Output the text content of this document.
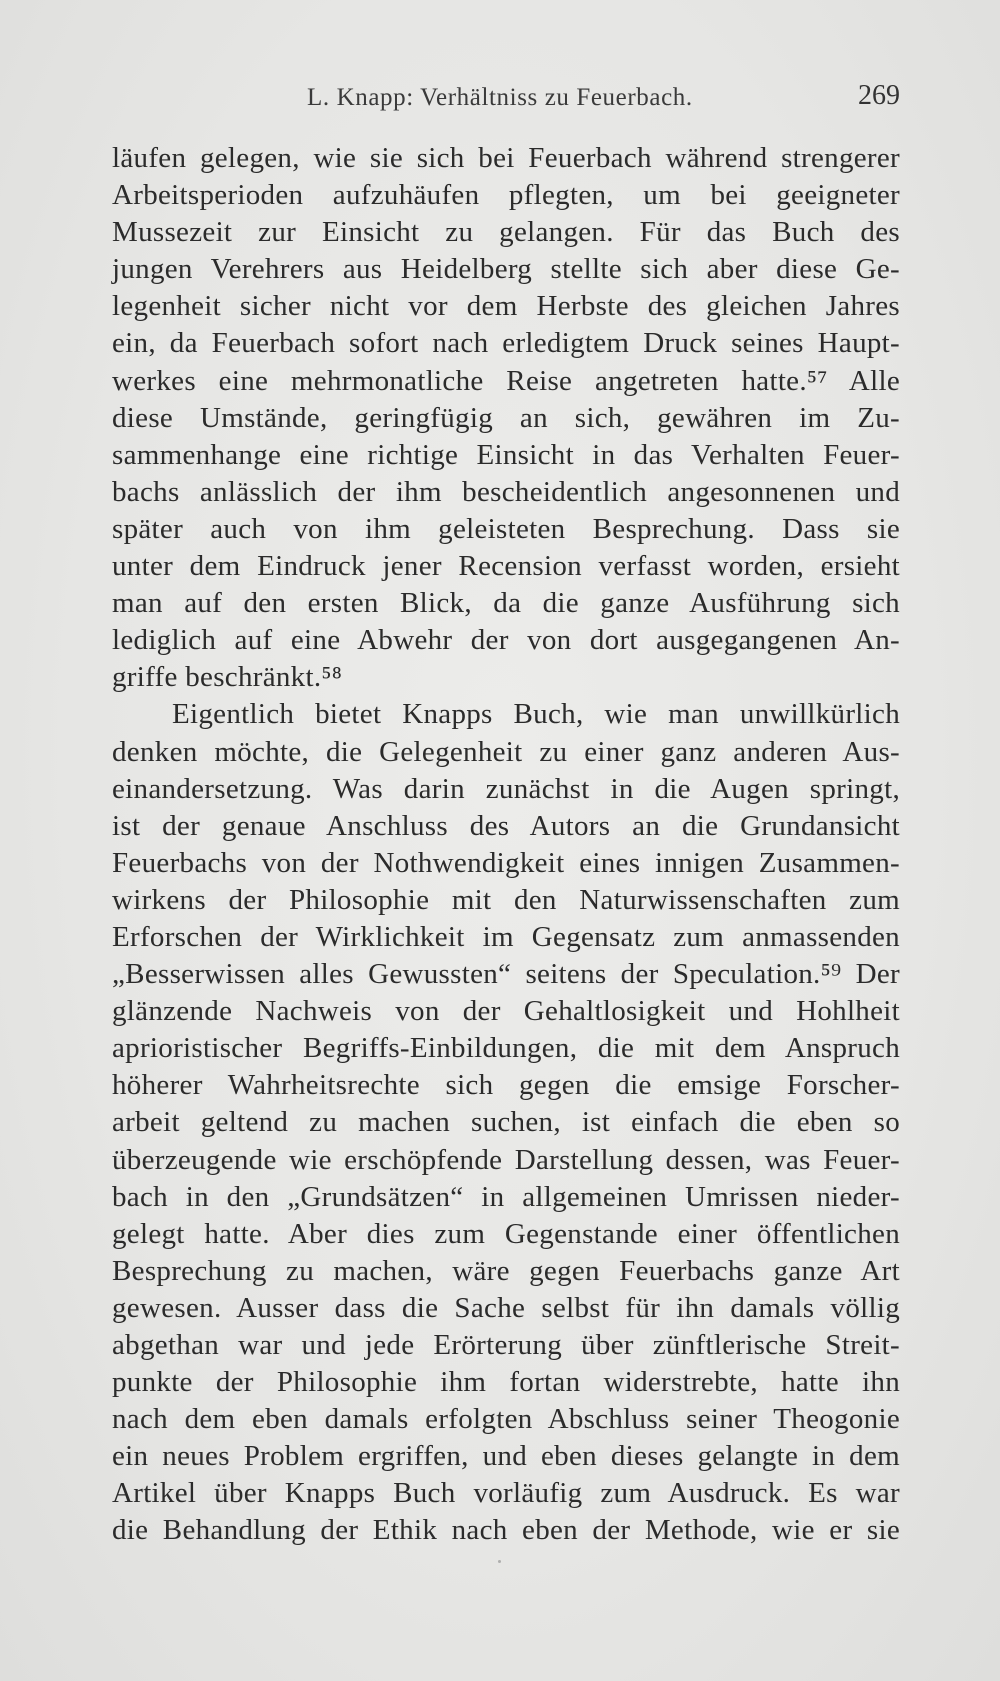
L. Knapp: Verhältniss zu Feuerbach.	269
läufen gelegen, wie sie sich bei Feuerbach während strengerer
Arbeitsperioden aufzuhäufen pflegten, um bei geeigneter
Mussezeit zur Einsicht zu gelangen. Für das Buch des
jungen Verehrers aus Heidelberg stellte sich aber diese Ge-
legenheit sicher nicht vor dem Herbste des gleichen Jahres
ein, da Feuerbach sofort nach erledigtem Druck seines Haupt-
werkes eine mehrmonatliche Reise angetreten hatte.⁵⁷ Alle
diese Umstände, geringfügig an sich, gewähren im Zu-
sammenhange eine richtige Einsicht in das Verhalten Feuer-
bachs anlässlich der ihm bescheidentlich angesonnenen und
später auch von ihm geleisteten Besprechung. Dass sie
unter dem Eindruck jener Recension verfasst worden, ersieht
man auf den ersten Blick, da die ganze Ausführung sich
lediglich auf eine Abwehr der von dort ausgegangenen An-
griffe beschränkt.⁵⁸
Eigentlich bietet Knapps Buch, wie man unwillkürlich
denken möchte, die Gelegenheit zu einer ganz anderen Aus-
einandersetzung. Was darin zunächst in die Augen springt,
ist der genaue Anschluss des Autors an die Grundansicht
Feuerbachs von der Nothwendigkeit eines innigen Zusammen-
wirkens der Philosophie mit den Naturwissenschaften zum
Erforschen der Wirklichkeit im Gegensatz zum anmassenden
„Besserwissen alles Gewussten“ seitens der Speculation.⁵⁹ Der
glänzende Nachweis von der Gehaltlosigkeit und Hohlheit
aprioristischer Begriffs-Einbildungen, die mit dem Anspruch
höherer Wahrheitsrechte sich gegen die emsige Forscher-
arbeit geltend zu machen suchen, ist einfach die eben so
überzeugende wie erschöpfende Darstellung dessen, was Feuer-
bach in den „Grundsätzen“ in allgemeinen Umrissen nieder-
gelegt hatte. Aber dies zum Gegenstande einer öffentlichen
Besprechung zu machen, wäre gegen Feuerbachs ganze Art
gewesen. Ausser dass die Sache selbst für ihn damals völlig
abgethan war und jede Erörterung über zünftlerische Streit-
punkte der Philosophie ihm fortan widerstrebte, hatte ihn
nach dem eben damals erfolgten Abschluss seiner Theogonie
ein neues Problem ergriffen, und eben dieses gelangte in dem
Artikel über Knapps Buch vorläufig zum Ausdruck. Es war
die Behandlung der Ethik nach eben der Methode, wie er sie
